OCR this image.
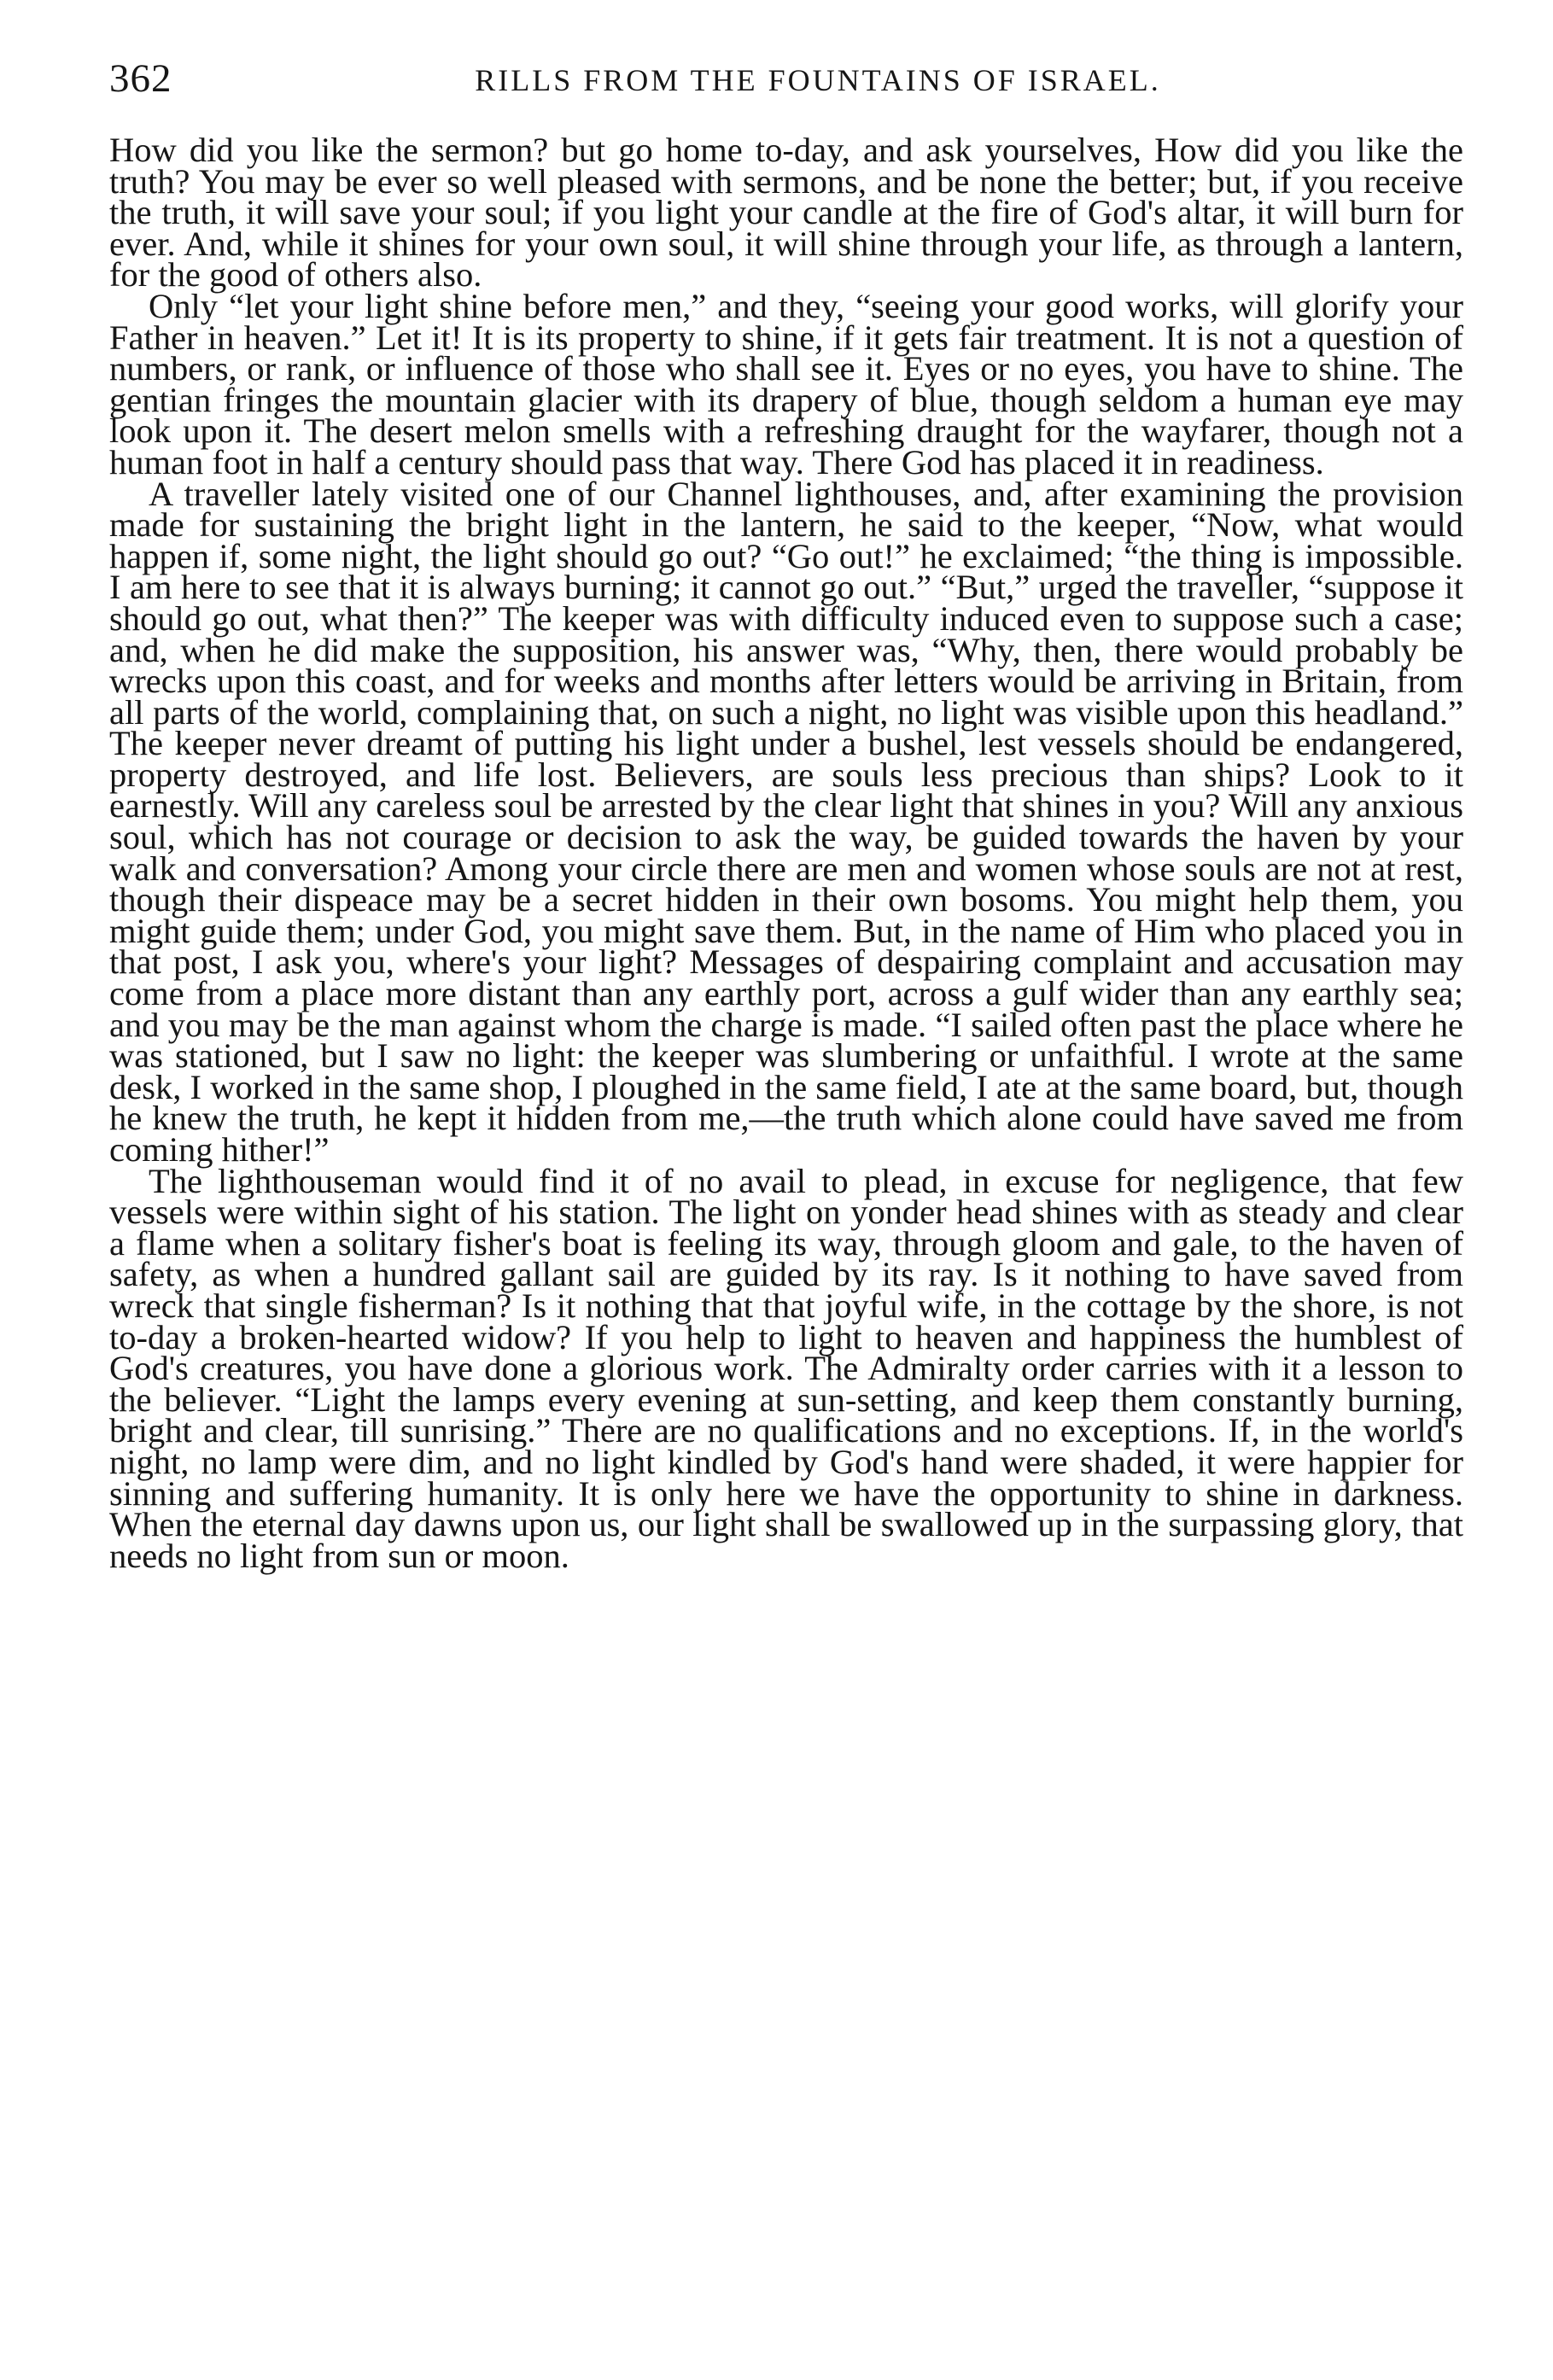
362	RILLS FROM THE FOUNTAINS OF ISRAEL.

How did you like the sermon? but go home to-day, and ask yourselves, How did you like the truth? You may be ever so well pleased with sermons, and be none the better; but, if you receive the truth, it will save your soul; if you light your candle at the fire of God's altar, it will burn for ever. And, while it shines for your own soul, it will shine through your life, as through a lantern, for the good of others also.

Only “let your light shine before men,” and they, “seeing your good works, will glorify your Father in heaven.” Let it! It is its property to shine, if it gets fair treatment. It is not a question of numbers, or rank, or influence of those who shall see it. Eyes or no eyes, you have to shine. The gentian fringes the mountain glacier with its drapery of blue, though seldom a human eye may look upon it. The desert melon smells with a refreshing draught for the wayfarer, though not a human foot in half a century should pass that way. There God has placed it in readiness.

A traveller lately visited one of our Channel lighthouses, and, after examining the provision made for sustaining the bright light in the lantern, he said to the keeper, “Now, what would happen if, some night, the light should go out? “Go out!” he exclaimed; “the thing is impossible. I am here to see that it is always burning; it cannot go out.” “But,” urged the traveller, “suppose it should go out, what then?” The keeper was with difficulty induced even to suppose such a case; and, when he did make the supposition, his answer was, “Why, then, there would probably be wrecks upon this coast, and for weeks and months after letters would be arriving in Britain, from all parts of the world, complaining that, on such a night, no light was visible upon this headland.” The keeper never dreamt of putting his light under a bushel, lest vessels should be endangered, property destroyed, and life lost. Believers, are souls less precious than ships? Look to it earnestly. Will any careless soul be arrested by the clear light that shines in you? Will any anxious soul, which has not courage or decision to ask the way, be guided towards the haven by your walk and conversation? Among your circle there are men and women whose souls are not at rest, though their dispeace may be a secret hidden in their own bosoms. You might help them, you might guide them; under God, you might save them. But, in the name of Him who placed you in that post, I ask you, where's your light? Messages of despairing complaint and accusation may come from a place more distant than any earthly port, across a gulf wider than any earthly sea; and you may be the man against whom the charge is made. “I sailed often past the place where he was stationed, but I saw no light: the keeper was slumbering or unfaithful. I wrote at the same desk, I worked in the same shop, I ploughed in the same field, I ate at the same board, but, though he knew the truth, he kept it hidden from me,—the truth which alone could have saved me from coming hither!”

The lighthouseman would find it of no avail to plead, in excuse for negligence, that few vessels were within sight of his station. The light on yonder head shines with as steady and clear a flame when a solitary fisher's boat is feeling its way, through gloom and gale, to the haven of safety, as when a hundred gallant sail are guided by its ray. Is it nothing to have saved from wreck that single fisherman? Is it nothing that that joyful wife, in the cottage by the shore, is not to-day a broken-hearted widow? If you help to light to heaven and happiness the humblest of God's creatures, you have done a glorious work. The Admiralty order carries with it a lesson to the believer. “Light the lamps every evening at sun-setting, and keep them constantly burning, bright and clear, till sunrising.” There are no qualifications and no exceptions. If, in the world's night, no lamp were dim, and no light kindled by God's hand were shaded, it were happier for sinning and suffering humanity. It is only here we have the opportunity to shine in darkness. When the eternal day dawns upon us, our light shall be swallowed up in the surpassing glory, that needs no light from sun or moon.
